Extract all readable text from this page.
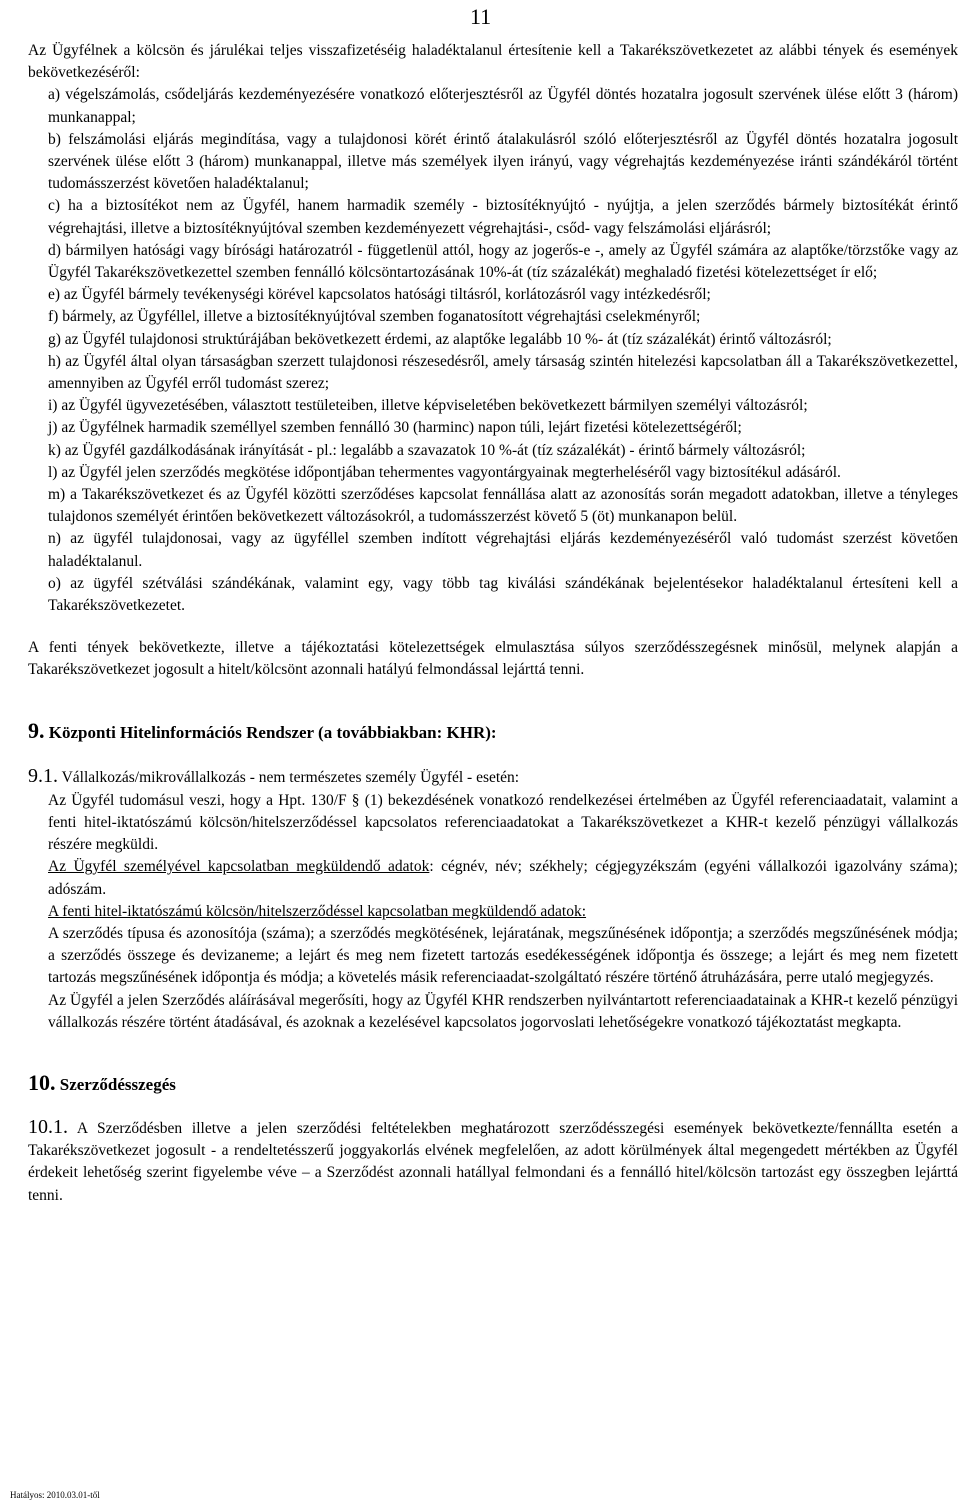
11

Az Ügyfélnek a kölcsön és járulékai teljes visszafizetéséig haladéktalanul értesítenie kell a Takarékszövetkezetet az alábbi tények és események bekövetkezéséről:

a) végelszámolás, csődeljárás kezdeményezésére vonatkozó előterjesztésről az Ügyfél döntés hozatalra jogosult szervének ülése előtt 3 (három) munkanappal;

b) felszámolási eljárás megindítása, vagy a tulajdonosi körét érintő átalakulásról szóló előterjesztésről az Ügyfél döntés hozatalra jogosult szervének ülése előtt 3 (három) munkanappal, illetve más személyek ilyen irányú, vagy végrehajtás kezdeményezése iránti szándékáról történt tudomásszerzést követően haladéktalanul;

c) ha a biztosítékot nem az Ügyfél, hanem harmadik személy - biztosítéknyújtó - nyújtja, a jelen szerződés bármely biztosítékát érintő végrehajtási, illetve a biztosítéknyújtóval szemben kezdeményezett végrehajtási-, csőd- vagy felszámolási eljárásról;

d) bármilyen hatósági vagy bírósági határozatról - függetlenül attól, hogy az jogerős-e -, amely az Ügyfél számára az alaptőke/törzstőke vagy az Ügyfél Takarékszövetkezettel szemben fennálló kölcsöntartozásának 10%-át (tíz százalékát) meghaladó fizetési kötelezettséget ír elő;

e) az Ügyfél bármely tevékenységi körével kapcsolatos hatósági tiltásról, korlátozásról vagy intézkedésről;

f) bármely, az Ügyféllel, illetve a biztosítéknyújtóval szemben foganatosított végrehajtási cselekményről;

g) az Ügyfél tulajdonosi struktúrájában bekövetkezett érdemi, az alaptőke legalább 10 %- át (tíz százalékát) érintő változásról;

h) az Ügyfél által olyan társaságban szerzett tulajdonosi részesedésről, amely társaság szintén hitelezési kapcsolatban áll a Takarékszövetkezettel, amennyiben az Ügyfél erről tudomást szerez;

i) az Ügyfél ügyvezetésében, választott testületeiben, illetve képviseletében bekövetkezett bármilyen személyi változásról;

j) az Ügyfélnek harmadik személlyel szemben fennálló 30 (harminc) napon túli, lejárt fizetési kötelezettségéről;

k) az Ügyfél gazdálkodásának irányítását - pl.: legalább a szavazatok 10 %-át (tíz százalékát) - érintő bármely változásról;

l) az Ügyfél jelen szerződés megkötése időpontjában tehermentes vagyontárgyainak megterheléséről vagy biztosítékul adásáról.

m) a Takarékszövetkezet és az Ügyfél közötti szerződéses kapcsolat fennállása alatt az azonosítás során megadott adatokban, illetve a tényleges tulajdonos személyét érintően bekövetkezett változásokról, a tudomásszerzést követő 5 (öt) munkanapon belül.

n) az ügyfél tulajdonosai, vagy az ügyféllel szemben indított végrehajtási eljárás kezdeményezéséről való tudomást szerzést követően haladéktalanul.

o) az ügyfél szétválási szándékának, valamint egy, vagy több tag kiválási szándékának bejelentésekor haladéktalanul értesíteni kell a Takarékszövetkezetet.

A fenti tények bekövetkezte, illetve a tájékoztatási kötelezettségek elmulasztása súlyos szerződésszegésnek minősül, melynek alapján a Takarékszövetkezet jogosult a hitelt/kölcsönt azonnali hatályú felmondással lejárttá tenni.

9. Központi Hitelinformációs Rendszer (a továbbiakban: KHR):

9.1. Vállalkozás/mikrovállalkozás - nem természetes személy Ügyfél - esetén:

Az Ügyfél tudomásul veszi, hogy a Hpt. 130/F § (1) bekezdésének vonatkozó rendelkezései értelmében az Ügyfél referenciaadatait, valamint a fenti hitel-iktatószámú kölcsön/hitelszerződéssel kapcsolatos referenciaadatokat a Takarékszövetkezet a KHR-t kezelő pénzügyi vállalkozás részére megküldi.

Az Ügyfél személyével kapcsolatban megküldendő adatok: cégnév, név; székhely; cégjegyzékszám (egyéni vállalkozói igazolvány száma); adószám.

A fenti hitel-iktatószámú kölcsön/hitelszerződéssel kapcsolatban megküldendő adatok:

A szerződés típusa és azonosítója (száma); a szerződés megkötésének, lejáratának, megszűnésének időpontja; a szerződés megszűnésének módja; a szerződés összege és devizaneme; a lejárt és meg nem fizetett tartozás esedékességének időpontja és összege; a lejárt és meg nem fizetett tartozás megszűnésének időpontja és módja; a követelés másik referenciaadat-szolgáltató részére történő átruházására, perre utaló megjegyzés.

Az Ügyfél a jelen Szerződés aláírásával megerősíti, hogy az Ügyfél KHR rendszerben nyilvántartott referenciaadatainak a KHR-t kezelő pénzügyi vállalkozás részére történt átadásával, és azoknak a kezelésével kapcsolatos jogorvoslati lehetőségekre vonatkozó tájékoztatást megkapta.

10. Szerződésszegés

10.1. A Szerződésben illetve a jelen szerződési feltételekben meghatározott szerződésszegési események bekövetkezte/fennállta esetén a Takarékszövetkezet jogosult - a rendeltetésszerű joggyakorlás elvének megfelelően, az adott körülmények által megengedett mértékben az Ügyfél érdekeit lehetőség szerint figyelembe véve – a Szerződést azonnali hatállyal felmondani és a fennálló hitel/kölcsön tartozást egy összegben lejárttá tenni.

Hatályos: 2010.03.01-től
